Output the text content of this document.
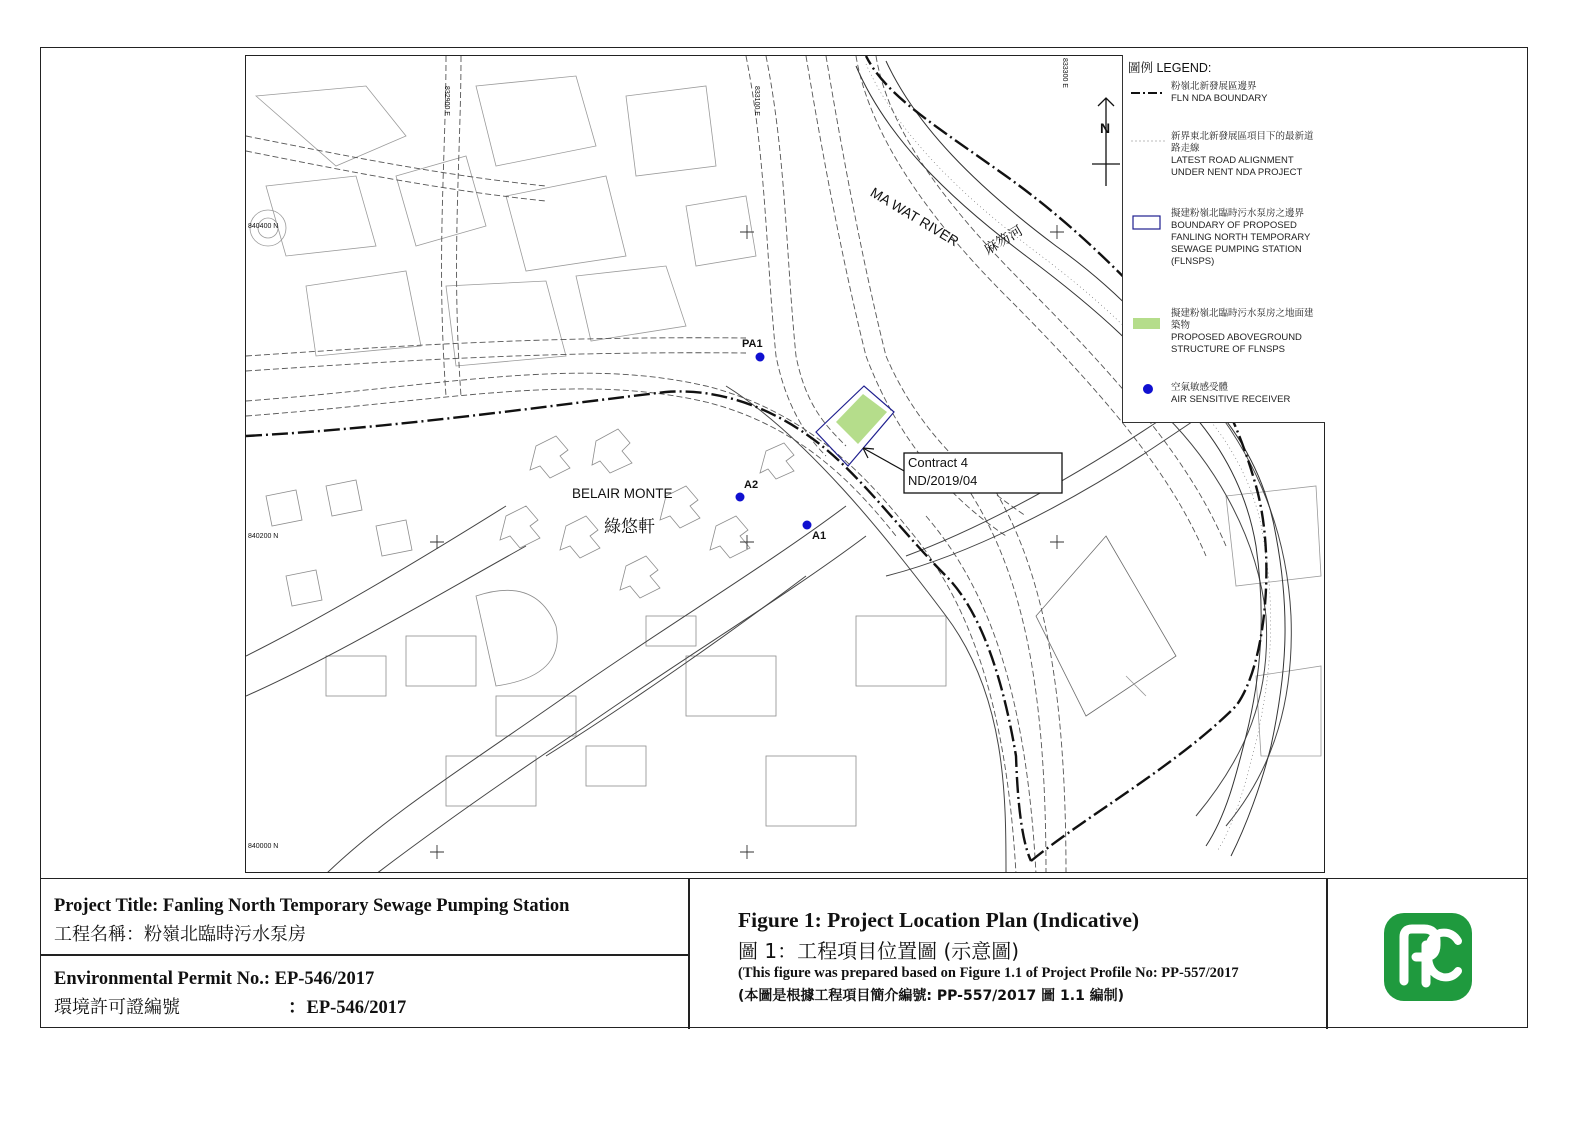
PA1
A2
A1
BELAIR MONTE
綠悠軒
Contract 4
ND/2019/04
MA WAT RIVER 麻笏河
N
840400 N
840200 N
840000 N
832900 E	833100 E
833300 E	圖例 LEGEND:
粉嶺北新發展區邊界
FLN NDA BOUNDARY
新界東北新發展區項目下的最新道路走線
LATEST ROAD ALIGNMENT UNDER NENT NDA PROJECT
擬建粉嶺北臨時污水泵房之邊界
BOUNDARY OF PROPOSED FANLING NORTH TEMPORARY SEWAGE PUMPING STATION (FLNSPS)
擬建粉嶺北臨時污水泵房之地面建築物
PROPOSED ABOVEGROUND STRUCTURE OF FLNSPS
空氣敏感受體
AIR SENSITIVE RECEIVER
Project Title: Fanling North Temporary Sewage Pumping Station
工程名稱：粉嶺北臨時污水泵房
Environmental Permit No.: EP-546/2017
環境許可證編號	：EP-546/2017
Figure 1: Project Location Plan (Indicative)
圖 1：工程項目位置圖 (示意圖)
(This figure was prepared based on Figure 1.1 of Project Profile No: PP-557/2017
(本圖是根據工程項目簡介編號: PP-557/2017 圖 1.1 編制)
